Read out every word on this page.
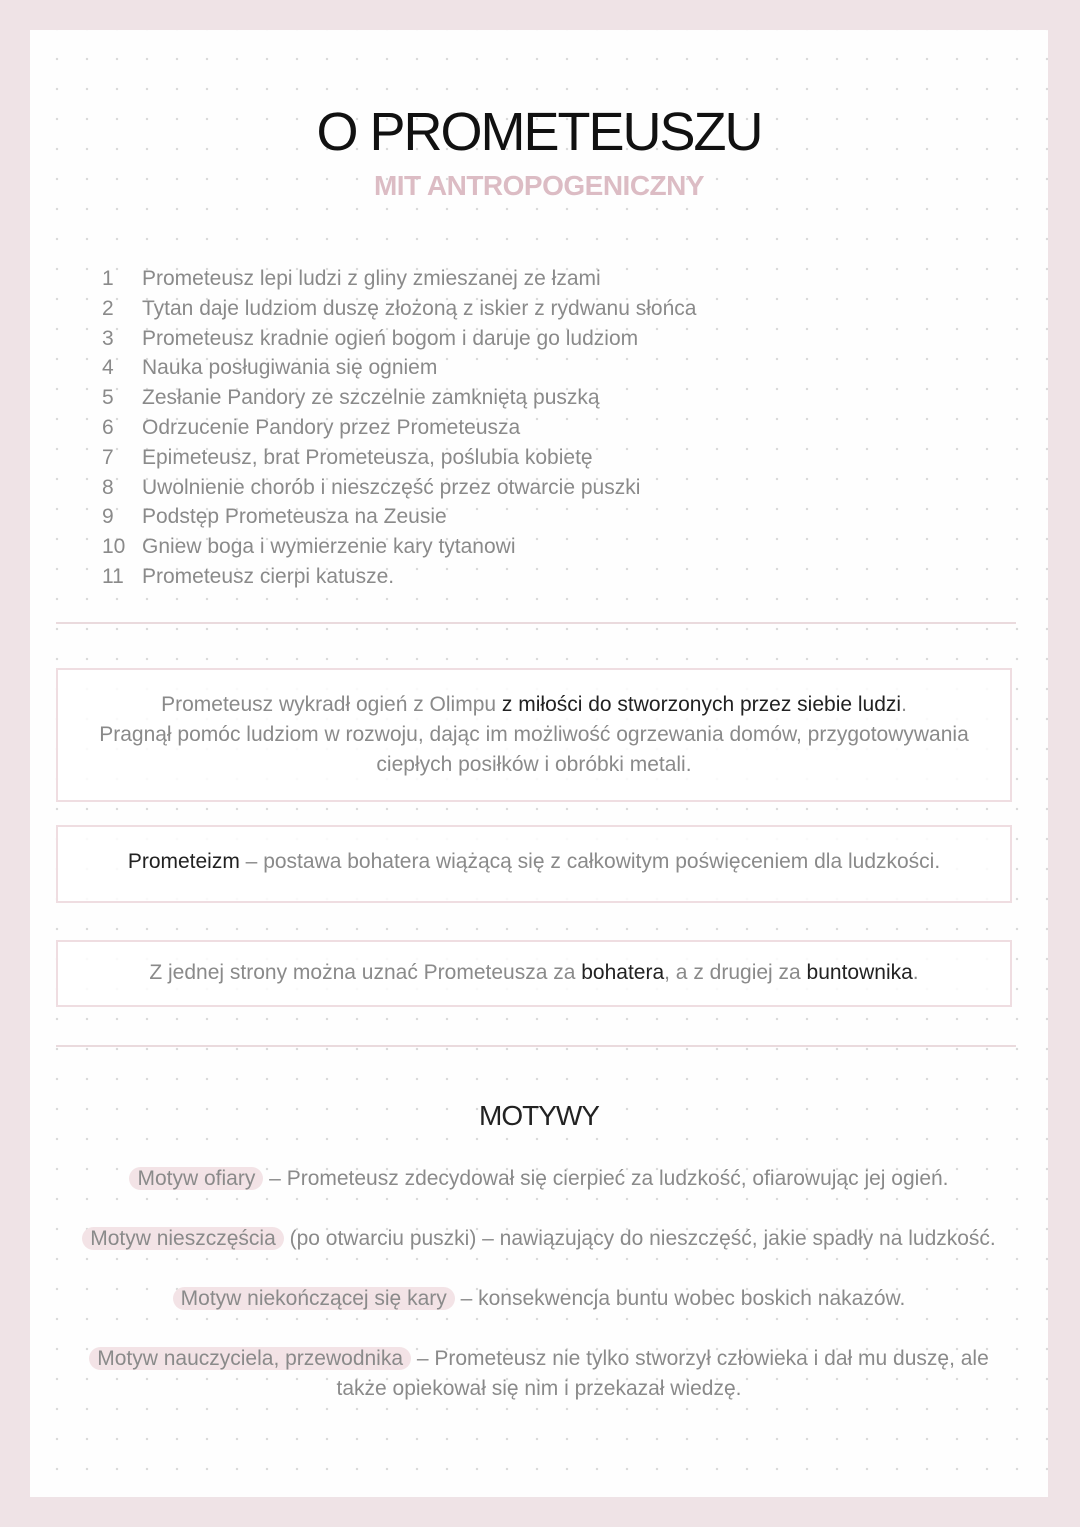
O PROMETEUSZU
MIT ANTROPOGENICZNY
1 Prometeusz lepi ludzi z gliny zmieszanej ze łzami
2 Tytan daje ludziom duszę złożoną z iskier z rydwanu słońca
3 Prometeusz kradnie ogień bogom i daruje go ludziom
4 Nauka posługiwania się ogniem
5 Zesłanie Pandory ze szczelnie zamkniętą puszką
6 Odrzucenie Pandory przez Prometeusza
7 Epimeteusz, brat Prometeusza, poślubia kobietę
8 Uwolnienie chorób i nieszczęść przez otwarcie puszki
9 Podstęp Prometeusza na Zeusie
10 Gniew boga i wymierzenie kary tytanowi
11 Prometeusz cierpi katusze.

Prometeusz wykradł ogień z Olimpu z miłości do stworzonych przez siebie ludzi.

Pragnął pomóc ludziom w rozwoju, dając im możliwość ogrzewania domów, przygotowywania

ciepłych posiłków i obróbki metali.

Prometeizm – postawa bohatera wiążącą się z całkowitym poświęceniem dla ludzkości.

Z jednej strony można uznać Prometeusza za bohatera, a z drugiej za buntownika.

MOTYWY

Motyw ofiary – Prometeusz zdecydował się cierpieć za ludzkość, ofiarowując jej ogień.

Motyw nieszczęścia (po otwarciu puszki) – nawiązujący do nieszczęść, jakie spadły na ludzkość.

Motyw niekończącej się kary – konsekwencja buntu wobec boskich nakazów.

Motyw nauczyciela, przewodnika – Prometeusz nie tylko stworzył człowieka i dał mu duszę, ale także opiekował się nim i przekazał wiedzę.
